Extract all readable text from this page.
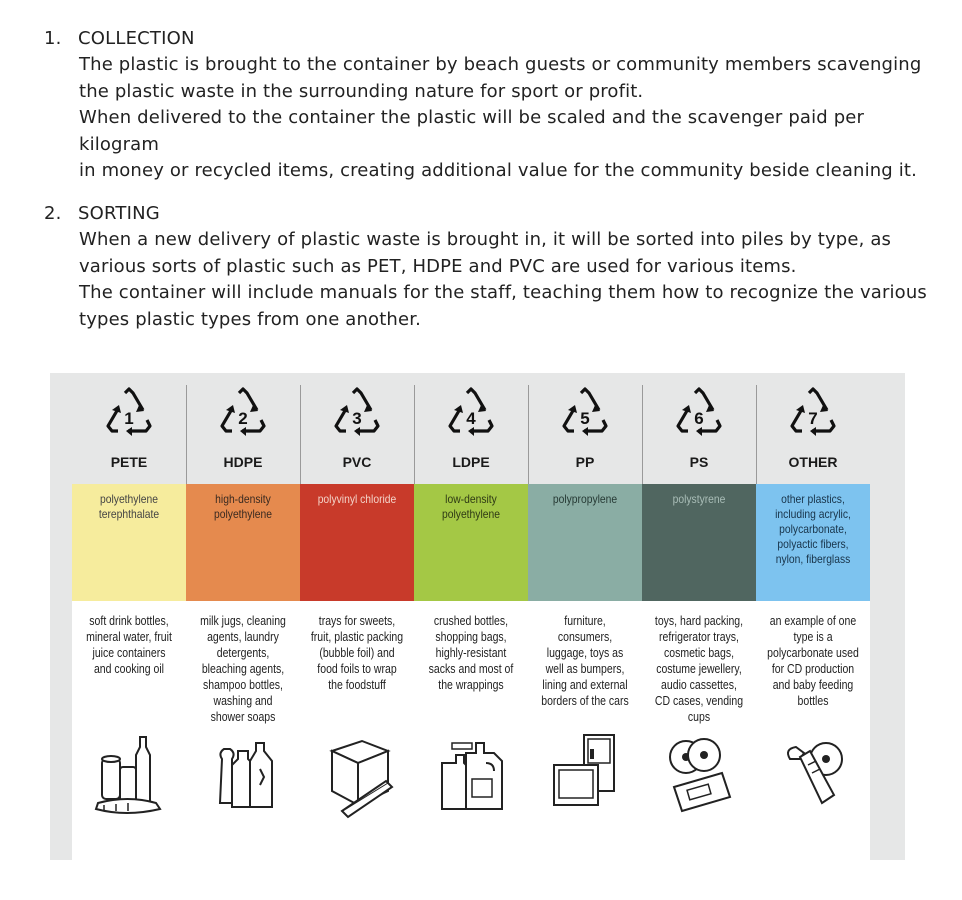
1. COLLECTION

The plastic is brought to the container by beach guests or community members scavenging

the plastic waste in the surrounding nature for sport or profit.

When delivered to the container the plastic will be scaled and the scavenger paid per kilogram

in money or recycled items, creating additional value for the community beside cleaning it.

2. SORTING

When a new delivery of plastic waste is brought in, it will be sorted into piles by type, as

various sorts of plastic such as PET, HDPE and PVC are used for various items.

The container will include manuals for the staff, teaching them how to recognize the various

types plastic types from one another.

1
PETE
polyethylene terephthalate
soft drink bottles, mineral water, fruit juice containers and cooking oil
2
HDPE
high-density polyethylene
milk jugs, cleaning agents, laundry detergents, bleaching agents, shampoo bottles, washing and shower soaps
3
PVC
polyvinyl chloride
trays for sweets, fruit, plastic packing (bubble foil) and food foils to wrap the foodstuff
4
LDPE
low-density polyethylene
crushed bottles, shopping bags, highly-resistant sacks and most of the wrappings
5
PP
polypropylene
furniture, consumers, luggage, toys as well as bumpers, lining and external borders of the cars
6
PS
polystyrene
toys, hard packing, refrigerator trays, cosmetic bags, costume jewellery, audio cassettes, CD cases, vending cups
7
OTHER
other plastics, including acrylic, polycarbonate, polyactic fibers, nylon, fiberglass
an example of one type is a polycarbonate used for CD production and baby feeding bottles
